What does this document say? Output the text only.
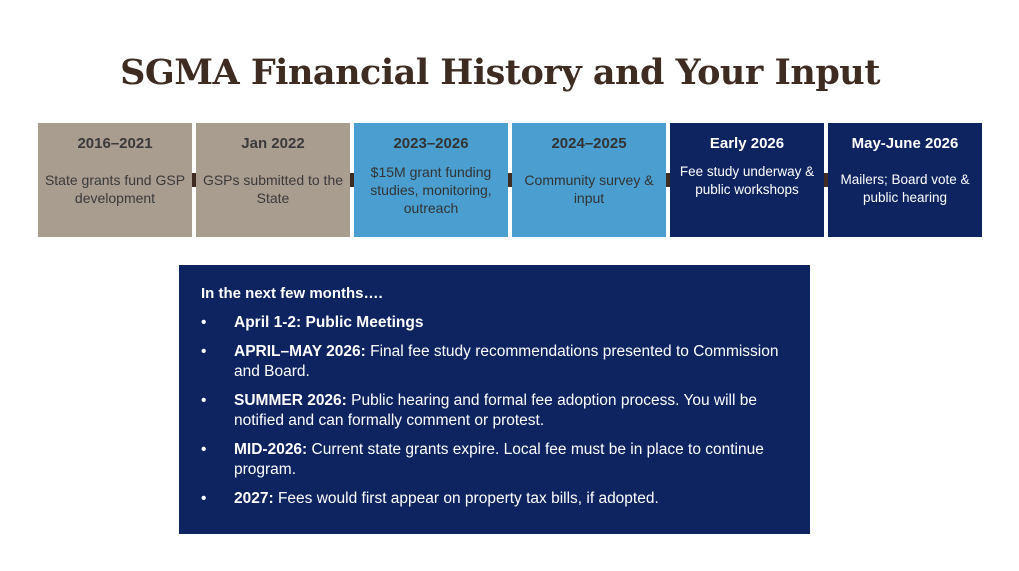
SGMA Financial History and Your Input
2016–2021
State grants fund GSP development
Jan 2022
GSPs submitted to the State
2023–2026
$15M grant funding studies, monitoring, outreach
2024–2025
Community survey & input
Early 2026
Fee study underway & public workshops
May-June 2026
Mailers; Board vote & public hearing
In the next few months….
• April 1-2: Public Meetings
• APRIL–MAY 2026: Final fee study recommendations presented to Commission and Board.
• SUMMER 2026: Public hearing and formal fee adoption process. You will be notified and can formally comment or protest.
• MID-2026: Current state grants expire. Local fee must be in place to continue program.
• 2027: Fees would first appear on property tax bills, if adopted.
